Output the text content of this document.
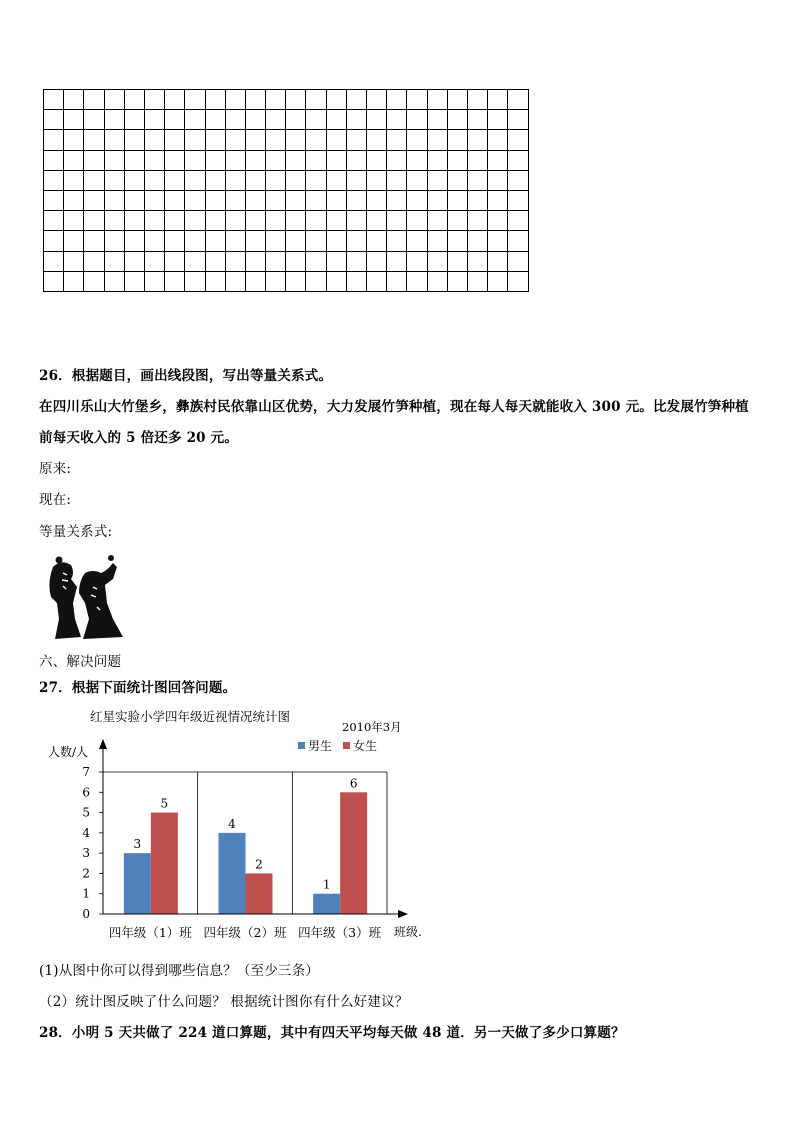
26．根据题目，画出线段图，写出等量关系式。
在四川乐山大竹堡乡，彝族村民依靠山区优势，大力发展竹笋种植，现在每人每天就能收入 300 元。比发展竹笋种植
前每天收入的 5 倍还多 20 元。
原来:
现在:
等量关系式:
六、解决问题
27．根据下面统计图回答问题。
红星实验小学四年级近视情况统计图
2010年3月
人数/人
班级.
3
5
4
2
1
6
0
1
2
3
4
5
6
7
四年级（1）班 四年级（2）班 四年级（3）班
男生 女生
(1)从图中你可以得到哪些信息？（至少三条）
（2）统计图反映了什么问题？ 根据统计图你有什么好建议？
28．小明 5 天共做了 224 道口算题，其中有四天平均每天做 48 道．另一天做了多少口算题？
